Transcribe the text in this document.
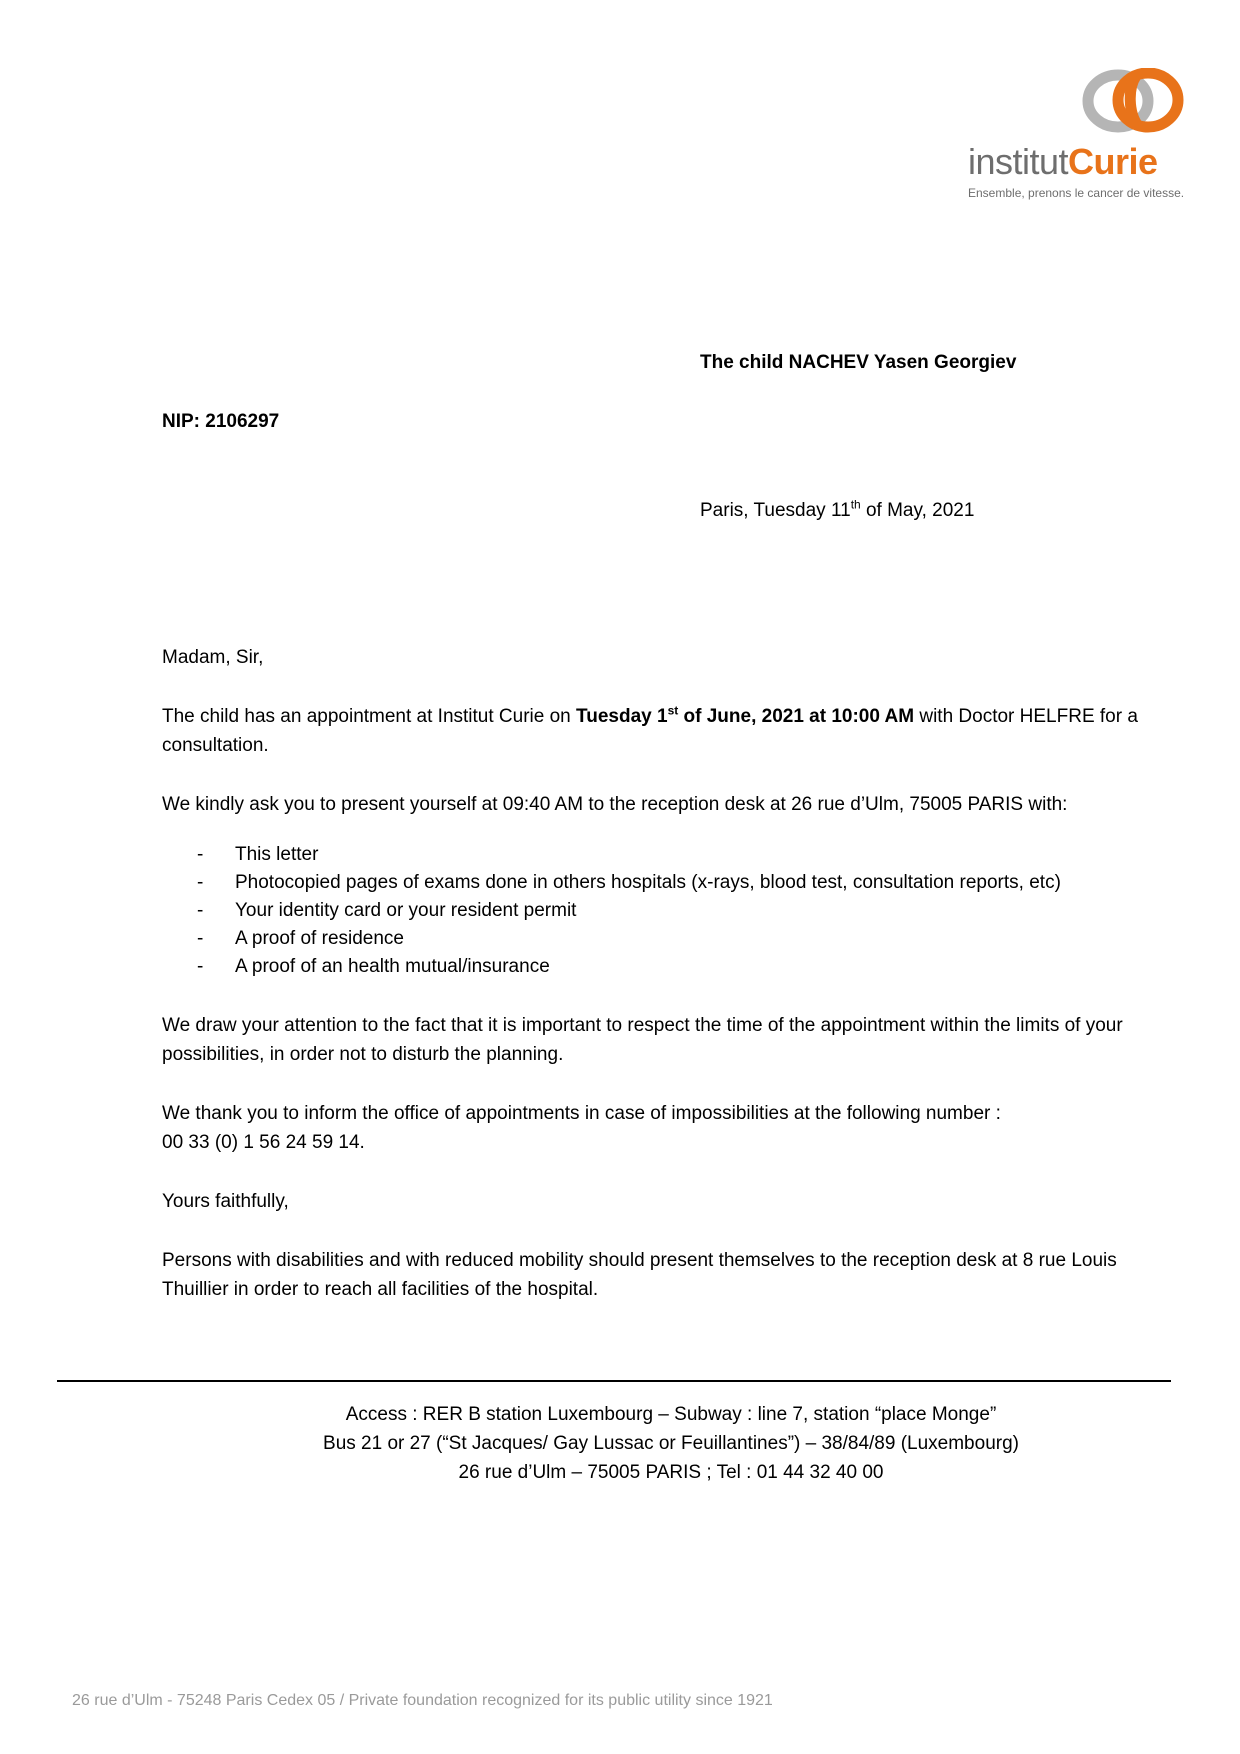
institutCurie
Ensemble, prenons le cancer de vitesse.
The child NACHEV Yasen Georgiev
NIP: 2106297
Paris, Tuesday 11th of May, 2021

Madam, Sir,

The child has an appointment at Institut Curie on Tuesday 1st of June, 2021 at 10:00 AM with Doctor HELFRE for a consultation.

We kindly ask you to present yourself at 09:40 AM to the reception desk at 26 rue d’Ulm, 75005 PARIS with:

- This letter
- Photocopied pages of exams done in others hospitals (x-rays, blood test, consultation reports, etc)
- Your identity card or your resident permit
- A proof of residence
- A proof of an health mutual/insurance

We draw your attention to the fact that it is important to respect the time of the appointment within the limits of your possibilities, in order not to disturb the planning.

We thank you to inform the office of appointments in case of impossibilities at the following number :
00 33 (0) 1 56 24 59 14.

Yours faithfully,

Persons with disabilities and with reduced mobility should present themselves to the reception desk at 8 rue Louis Thuillier in order to reach all facilities of the hospital.

Access : RER B station Luxembourg – Subway : line 7, station “place Monge”
Bus 21 or 27 (“St Jacques/ Gay Lussac or Feuillantines”) – 38/84/89 (Luxembourg)
26 rue d’Ulm – 75005 PARIS ; Tel : 01 44 32 40 00
26 rue d’Ulm - 75248 Paris Cedex 05 / Private foundation recognized for its public utility since 1921
